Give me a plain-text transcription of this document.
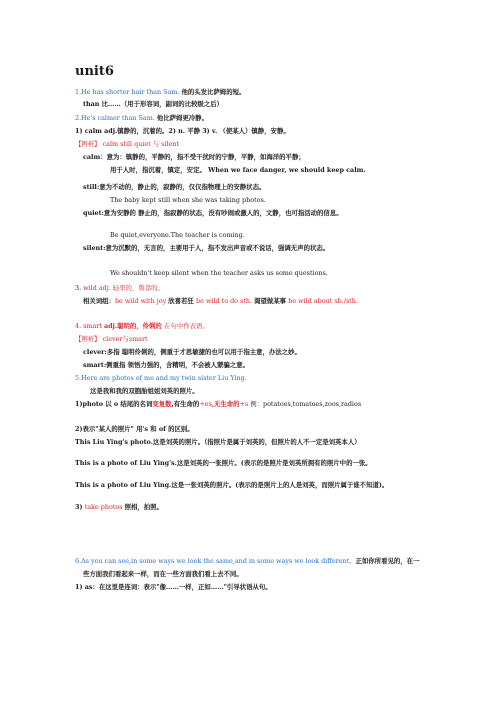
unit6
1.He has shorter hair than Sam. 他的头发比萨姆的短。
than 比……（用于形容词，副词的比较级之后）
2.He's calmer than Sam. 他比萨姆更冷静。
1) calm adj.镇静的，沉着的。2) n. 平静 3) v. （使某人）镇静，安静。
【辨析】 calm still quiet 与 silent
calm：意为：镇静的，平静的，指不受干扰时的宁静，平静，如海洋的平静；
用于人时，指沉着，镇定，安定。 When we face danger, we should keep calm.
still:意为不动的，静止的，寂静的，仅仅指物理上的安静状态。
The baby kept still when she was taking photos.
quiet:意为安静的 静止的，指寂静的状态，没有吵闹或激人的，文静，也可指活动的信息。
Be quiet,everyone.The teacher is coming.
silent:意为沉默的，无言的，主要用于人，指不发出声音或不说话，强调无声的状态。
We shouldn't keep silent when the teacher asks us some questions.
3. wild adj. 轻率的，鲁莽的。
相关词组：be wild with joy 欣喜若狂 be wild to do sth. 渴望做某事 be wild about sb./sth.
4. smart adj.聪明的，伶俐的 在句中作表语。
【辨析】 clever与smart
clever:多指 聪明伶俐的，侧重于才思敏捷的也可以用于指主意，办法之妙。
smart:侧重指 领悟力强的，含精明，不会被人蒙骗之意。
5.Here are photos of me and my twin sister Liu Ying.
这是我和我的双胞胎姐姐刘英的照片。
1)photo 以 o 结尾的名词变复数,有生命的+es,无生命的+s 例：potatoes,tomatoes,zoos,radios
2)表示"某人的照片" 用's 和 of 的区别。
This Liu Ying's photo.这是刘英的照片。（指照片是属于刘英的，但照片的人不一定是刘英本人）
This is a photo of Liu Ying's.这是刘英的一张照片。(表示的是照片是刘英所拥有的照片中的一张。
This is a photo of Liu Ying.这是一张刘英的照片。(表示的是照片上的人是刘英，而照片属于谁不知道)。
3) take photos 照相，拍照。
6.As you can see,in some ways we look the same,and in some ways we look different。正如你所看见的，在一
些方面我们看起来一样，而在一些方面我们看上去不同。
1) as：在这里是连词：表示"像……一样，正如……"引导状语从句。
